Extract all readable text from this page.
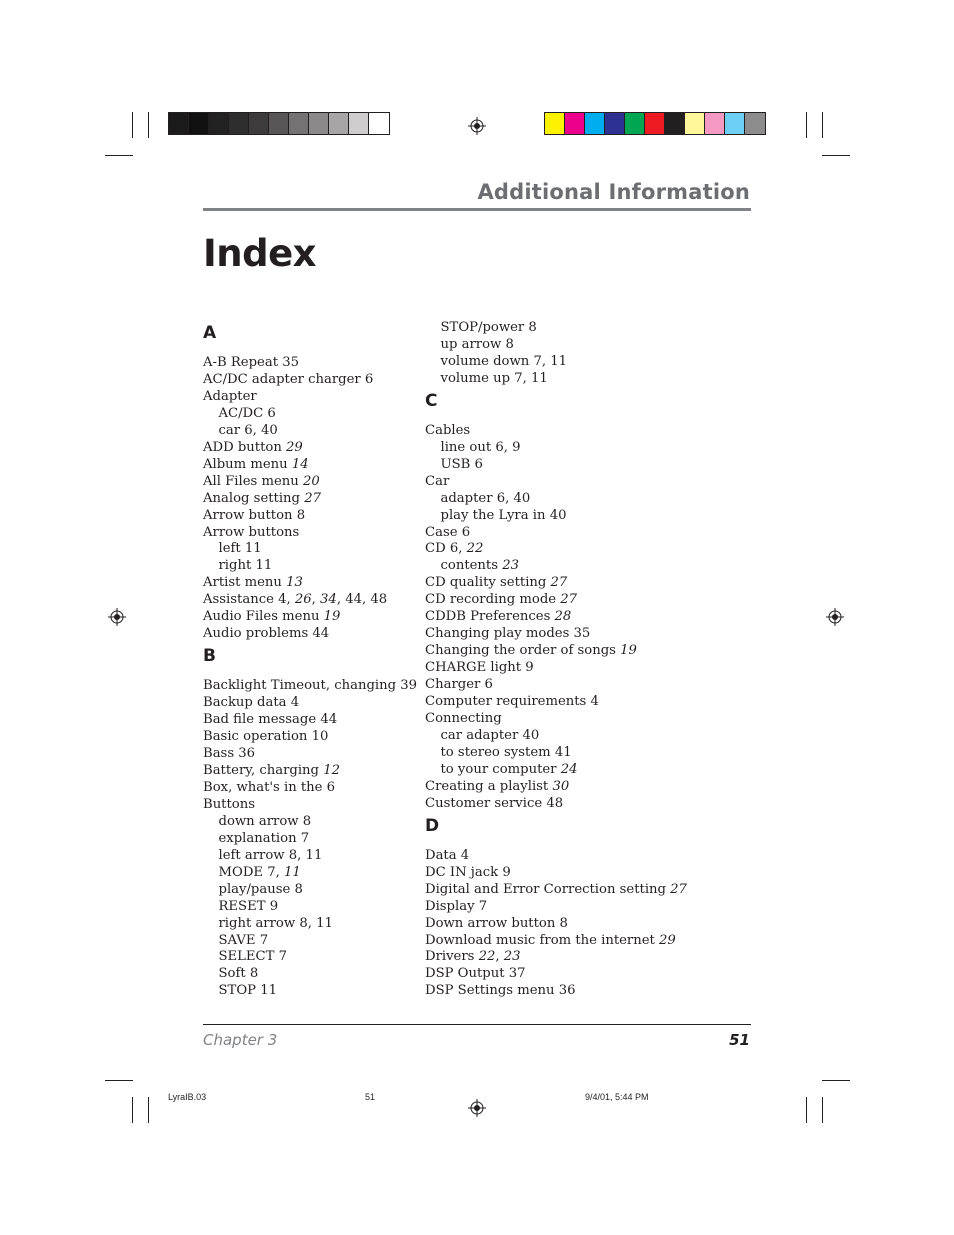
Additional Information
Index
A
A-B Repeat 35
AC/DC adapter charger 6
Adapter
AC/DC 6
car 6, 40
ADD button 29
Album menu 14
All Files menu 20
Analog setting 27
Arrow button 8
Arrow buttons
left 11
right 11
Artist menu 13
Assistance 4, 26, 34, 44, 48
Audio Files menu 19
Audio problems 44
B
Backlight Timeout, changing 39
Backup data 4
Bad file message 44
Basic operation 10
Bass 36
Battery, charging 12
Box, what's in the 6
Buttons
down arrow 8
explanation 7
left arrow 8, 11
MODE 7, 11
play/pause 8
RESET 9
right arrow 8, 11
SAVE 7
SELECT 7
Soft 8
STOP 11
STOP/power 8
up arrow 8
volume down 7, 11
volume up 7, 11
C
Cables
line out 6, 9
USB 6
Car
adapter 6, 40
play the Lyra in 40
Case 6
CD 6, 22
contents 23
CD quality setting 27
CD recording mode 27
CDDB Preferences 28
Changing play modes 35
Changing the order of songs 19
CHARGE light 9
Charger 6
Computer requirements 4
Connecting
car adapter 40
to stereo system 41
to your computer 24
Creating a playlist 30
Customer service 48
D
Data 4
DC IN jack 9
Digital and Error Correction setting 27
Display 7
Down arrow button 8
Download music from the internet 29
Drivers 22, 23
DSP Output 37
DSP Settings menu 36
Chapter 3	51
LyraIB.03	51	9/4/01, 5:44 PM
